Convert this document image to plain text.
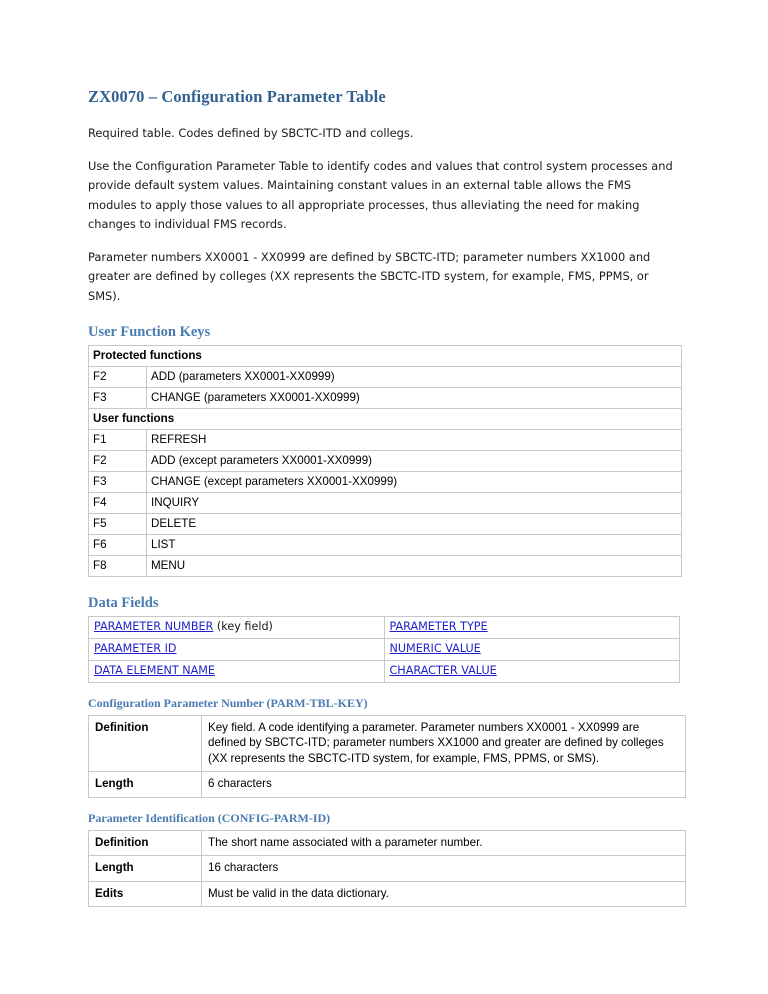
ZX0070 – Configuration Parameter Table

Required table. Codes defined by SBCTC-ITD and collegs.

Use the Configuration Parameter Table to identify codes and values that control system processes and provide default system values. Maintaining constant values in an external table allows the FMS modules to apply those values to all appropriate processes, thus alleviating the need for making changes to individual FMS records.

Parameter numbers XX0001 - XX0999 are defined by SBCTC-ITD; parameter numbers XX1000 and greater are defined by colleges (XX represents the SBCTC-ITD system, for example, FMS, PPMS, or SMS).

User Function Keys
Protected functions	
F2	ADD (parameters XX0001-XX0999)
F3	CHANGE (parameters XX0001-XX0999)
User functions	
F1	REFRESH
F2	ADD (except parameters XX0001-XX0999)
F3	CHANGE (except parameters XX0001-XX0999)
F4	INQUIRY
F5	DELETE
F6	LIST
F8	MENU
Data Fields
PARAMETER NUMBER (key field)	PARAMETER TYPE
PARAMETER ID	NUMERIC VALUE
DATA ELEMENT NAME	CHARACTER VALUE
Configuration Parameter Number (PARM-TBL-KEY)
Definition	Key field. A code identifying a parameter. Parameter numbers XX0001 - XX0999 are defined by SBCTC-ITD; parameter numbers XX1000 and greater are defined by colleges (XX represents the SBCTC-ITD system, for example, FMS, PPMS, or SMS).
Length	6 characters
Parameter Identification (CONFIG-PARM-ID)
Definition	The short name associated with a parameter number.
Length	16 characters
Edits	Must be valid in the data dictionary.
